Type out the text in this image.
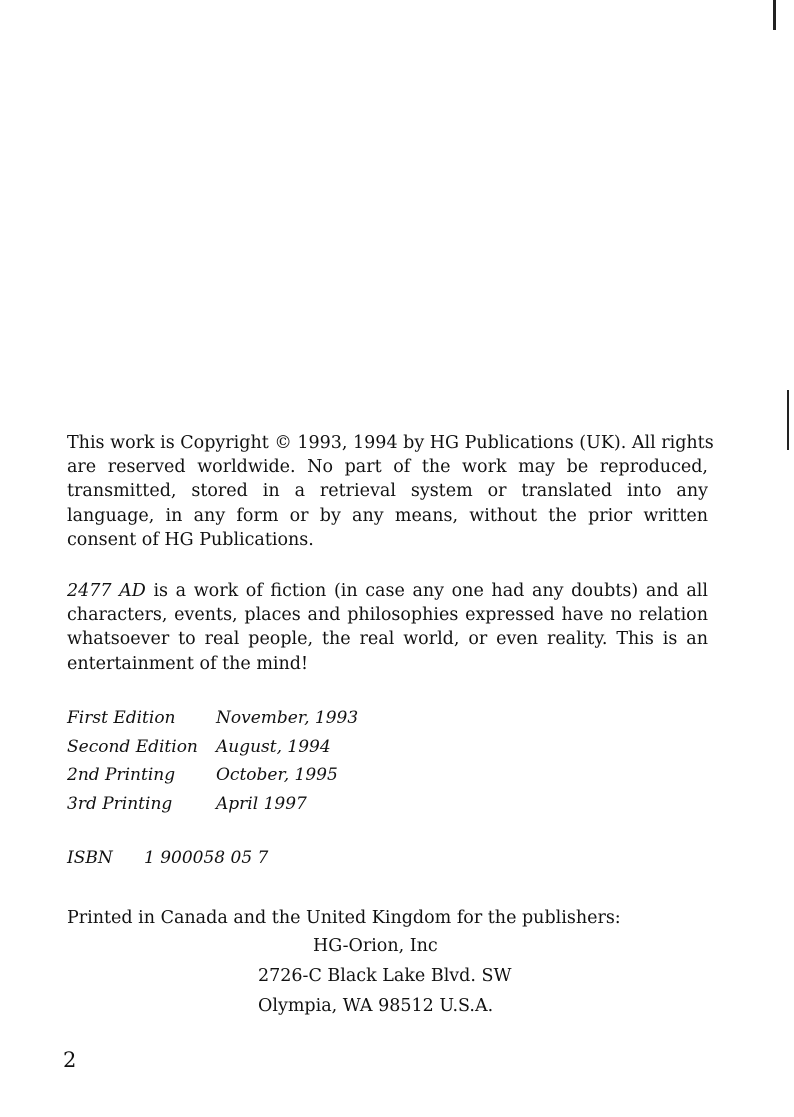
This work is Copyright © 1993, 1994 by HG Publications (UK). All rights
are reserved worldwide. No part of the work may be reproduced,
transmitted, stored in a retrieval system or translated into any
language, in any form or by any means, without the prior written
consent of HG Publications.
2477 AD is a work of fiction (in case any one had any doubts) and all
characters, events, places and philosophies expressed have no relation
whatsoever to real people, the real world, or even reality. This is an
entertainment of the mind!
First Edition	November, 1993
Second Edition	August, 1994
2nd Printing	October, 1995
3rd Printing	April 1997
ISBN	1 900058 05 7
Printed in Canada and the United Kingdom for the publishers:
HG-Orion, Inc
2726-C Black Lake Blvd. SW
Olympia, WA 98512 U.S.A.
2
